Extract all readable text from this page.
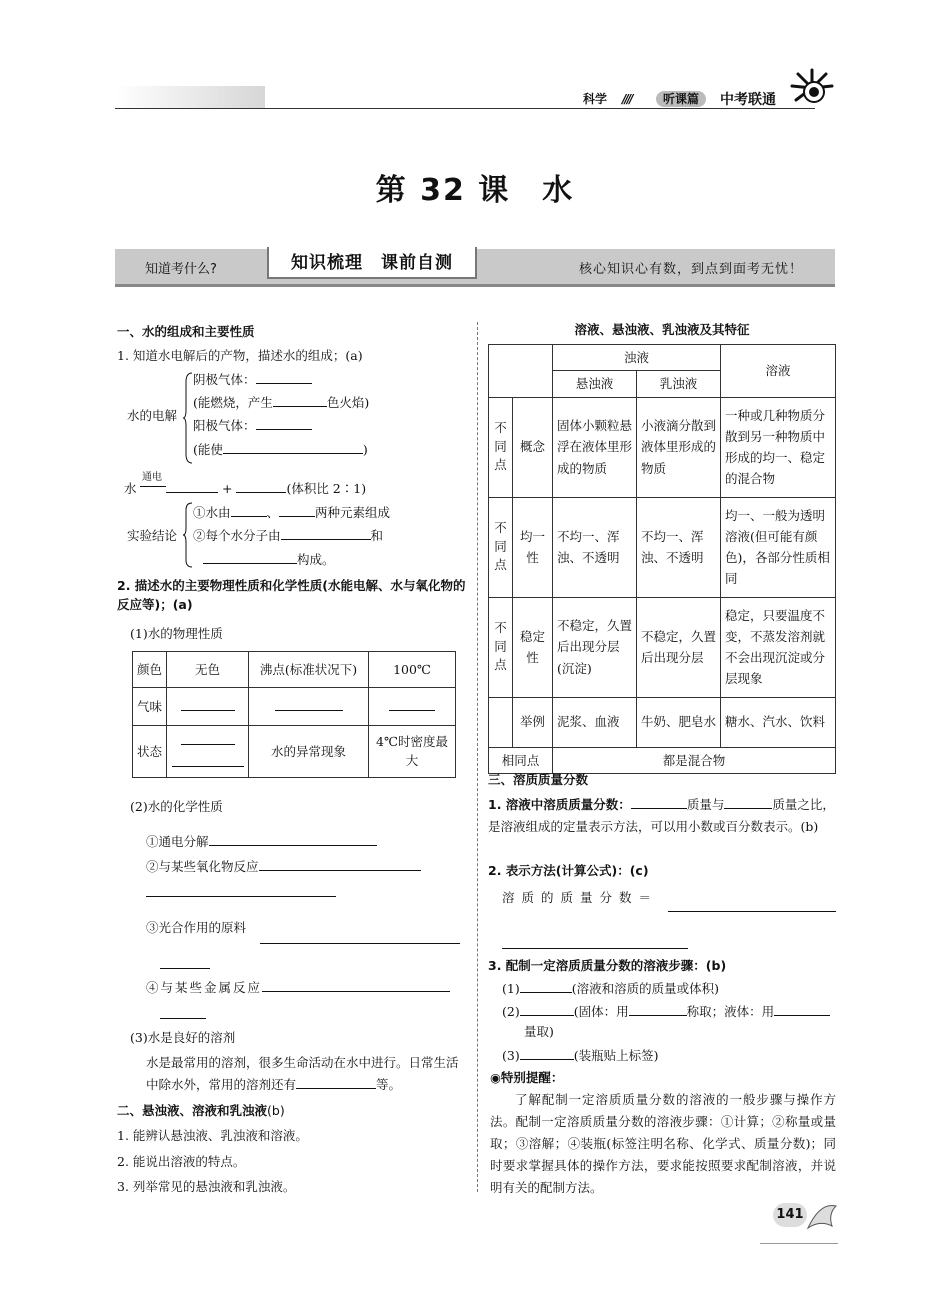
科学 ////	听课篇	中考联通
第 32 课　水
知道考什么?	知识梳理　课前自测	核心知识心有数，到点到面考无忧！
一、水的组成和主要性质
1. 知道水电解后的产物，描述水的组成；(a)
水的电解
阴极气体：
(能燃烧，产生	色火焰)
阳极气体：
(能使	)
水
通电
+	(体积比 2∶1)
实验结论
①水由	、	两种元素组成
②每个水分子由	和
构成。
2. 描述水的主要物理性质和化学性质(水能电解、水与氧化物的反应等)；(a)
(1)水的物理性质
颜色	无色	沸点(标准状况下)	100℃
气味			
状态		水的异常现象	4℃时密度最大
(2)水的化学性质
①通电分解
②与某些氧化物反应
③光合作用的原料
④与某些金属反应
(3)水是良好的溶剂
水是最常用的溶剂，很多生命活动在水中进行。日常生活中除水外，常用的溶剂还有	等。
二、悬浊液、溶液和乳浊液(b)
1. 能辨认悬浊液、乳浊液和溶液。
2. 能说出溶液的特点。
3. 列举常见的悬浊液和乳浊液。
溶液、悬浊液、乳浊液及其特征
		浊液		溶液
		悬浊液	乳浊液	
不同点	概念	固体小颗粒悬浮在液体里形成的物质	小液滴分散到液体里形成的物质	一种或几种物质分散到另一种物质中形成的均一、稳定的混合物
不同点	均一性	不均一、浑浊、不透明	不均一、浑浊、不透明	均一、一般为透明溶液(但可能有颜色)，各部分性质相同
不同点	稳定性	不稳定，久置后出现分层(沉淀)	不稳定，久置后出现分层	稳定，只要温度不变，不蒸发溶剂就不会出现沉淀或分层现象
	举例	泥浆、血液	牛奶、肥皂水	糖水、汽水、饮料
相同点		都是混合物		
三、溶质质量分数
1. 溶液中溶质质量分数：	质量与	质量之比，是溶液组成的定量表示方法，可以用小数或百分数表示。(b)
2. 表示方法(计算公式)：(c)
溶质的质量分数＝
3. 配制一定溶质质量分数的溶液步骤：(b)
(1)	(溶液和溶质的质量或体积)
(2)	(固体：用	称取；液体：用
量取)
(3)	(装瓶贴上标签)
◉特别提醒：
了解配制一定溶质质量分数的溶液的一般步骤与操作方法。配制一定溶质质量分数的溶液步骤：①计算；②称量或量取；③溶解；④装瓶(标签注明名称、化学式、质量分数)；同时要求掌握具体的操作方法，要求能按照要求配制溶液，并说明有关的配制方法。
141
